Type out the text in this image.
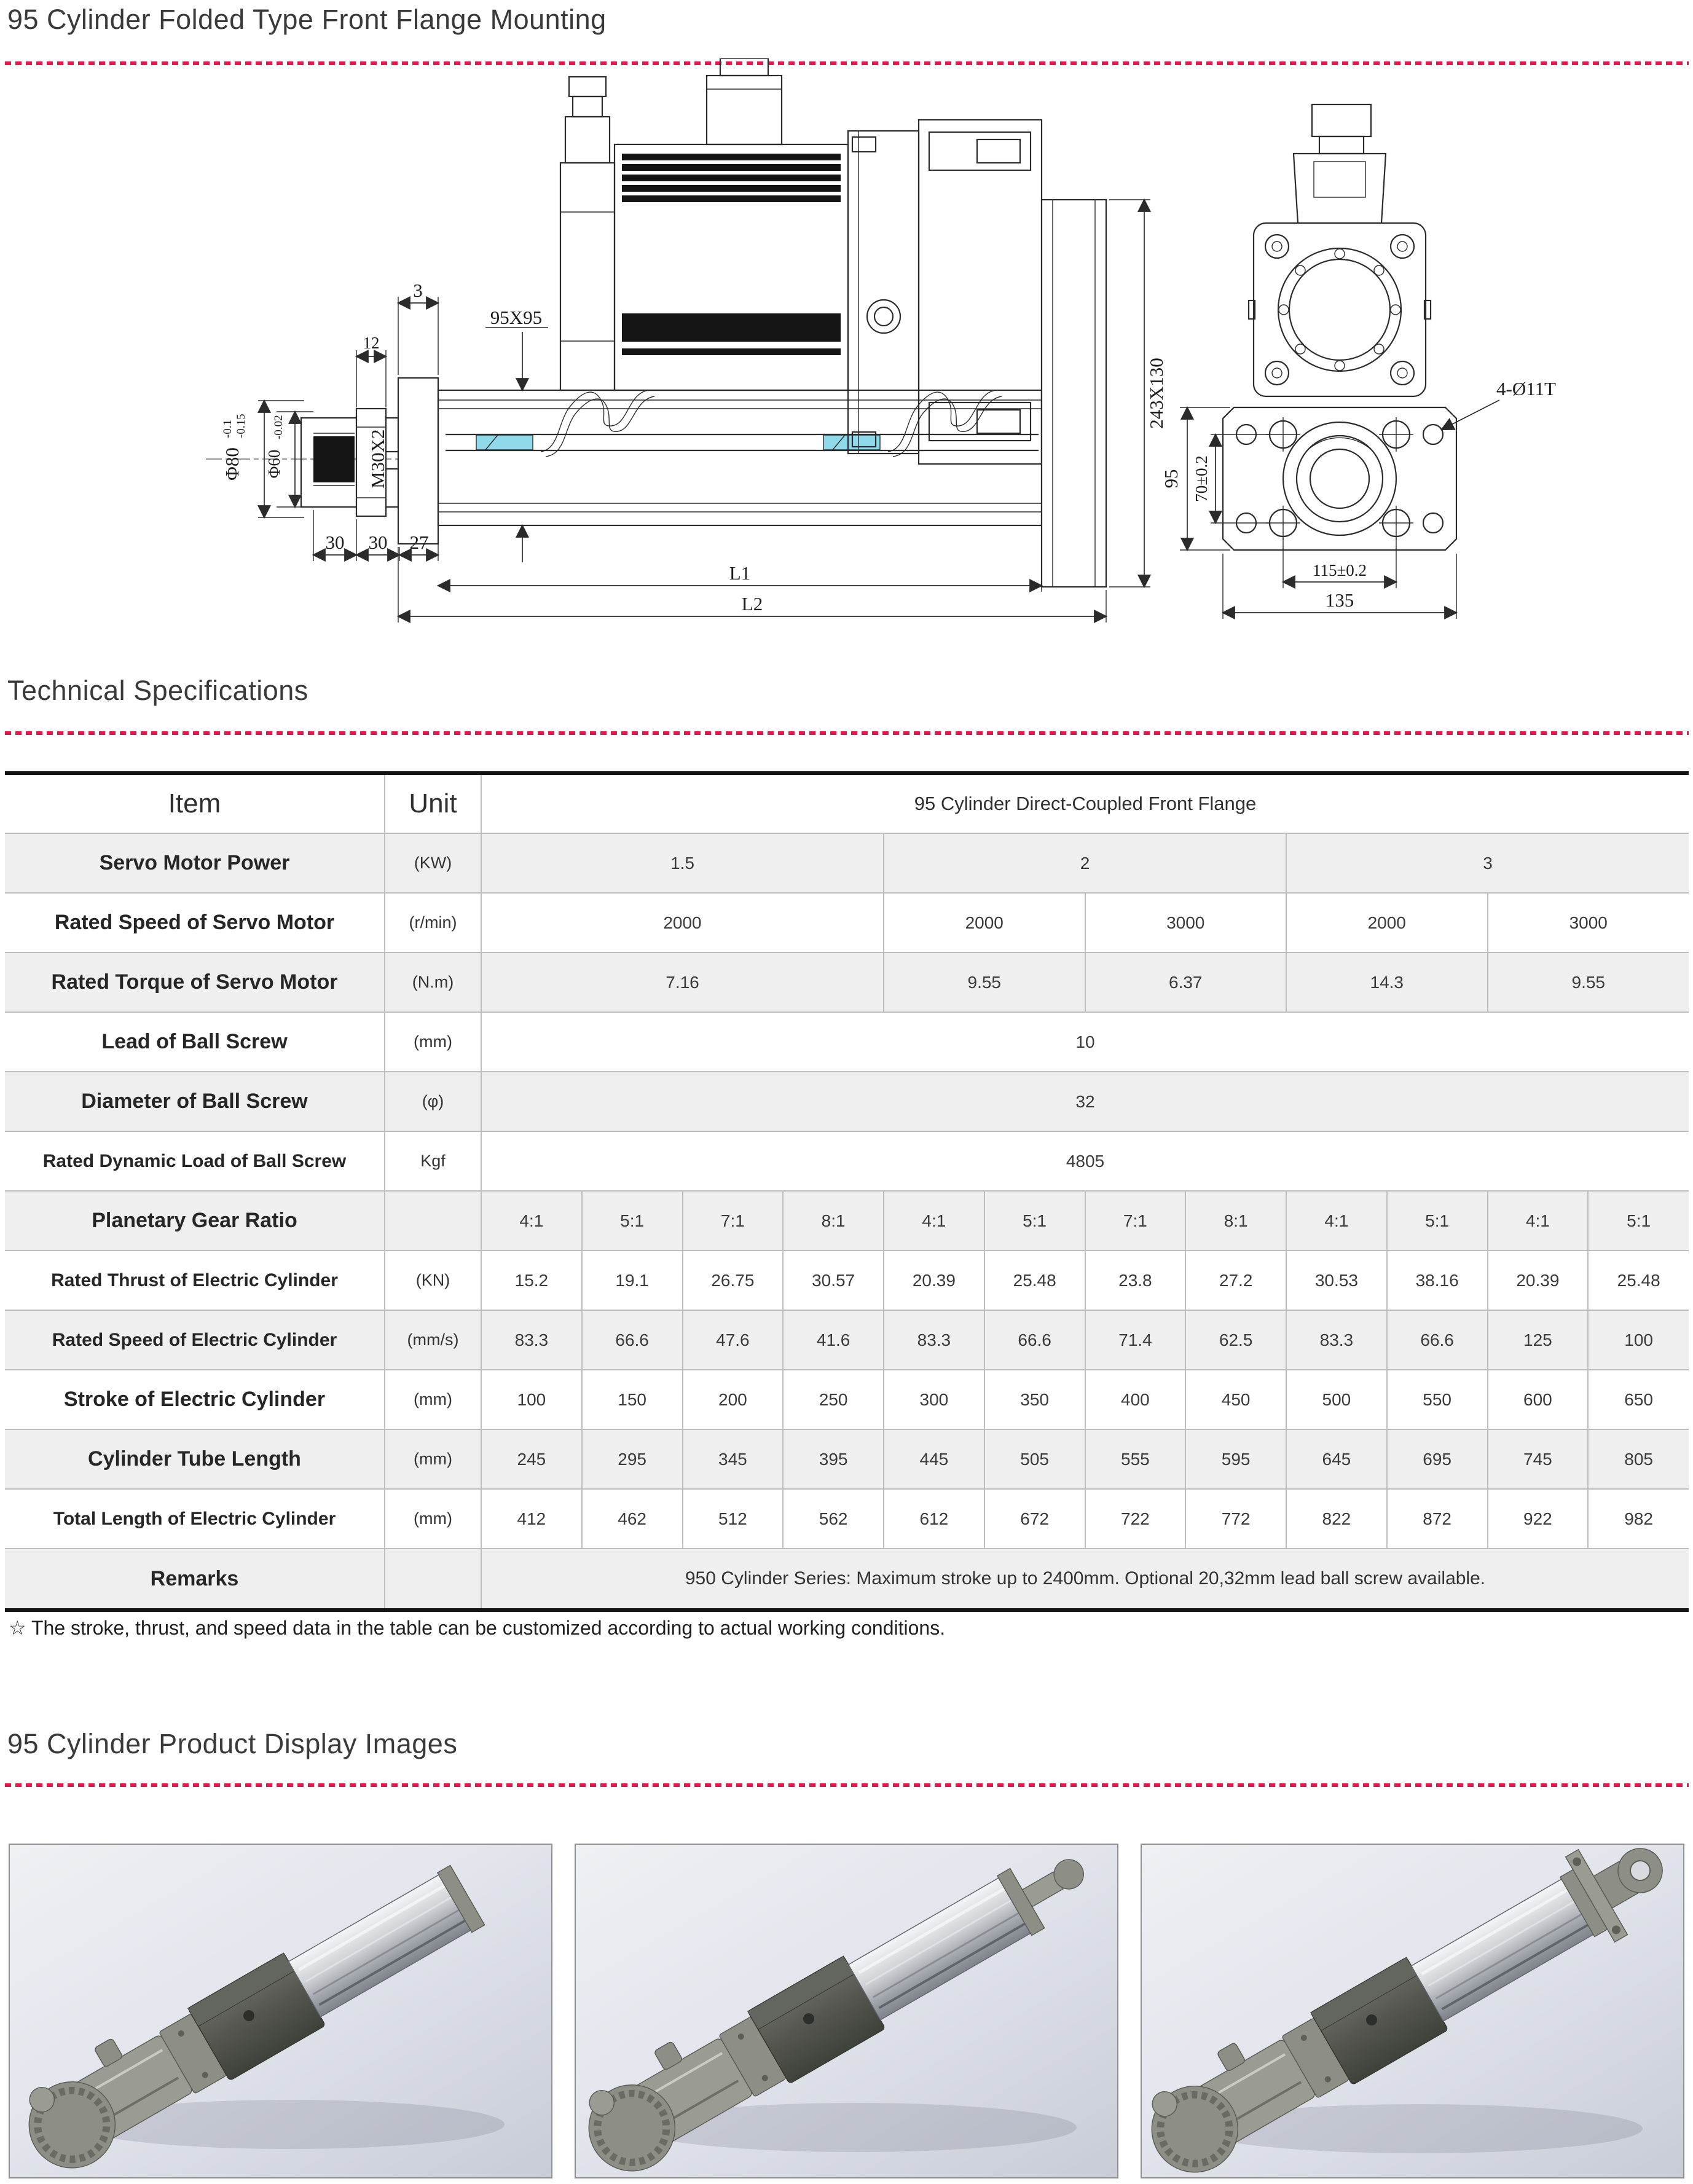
95 Cylinder Folded Type Front Flange Mounting
Φ80
-0.1 -0.15
Φ60
-0.02
M30X2
12
3
95X95
243X130
30 30 27
L1
L2
4-Ø11T
95 70±0.2
115±0.2
135
Technical Specifications
Item	Unit	95 Cylinder Direct-Coupled Front Flange											
Servo Motor Power	(KW)	1.5				2				3			
Rated Speed of Servo Motor	(r/min)	2000				2000		3000		2000		3000	
Rated Torque of Servo Motor	(N.m)	7.16				9.55		6.37		14.3		9.55	
Lead of Ball Screw	(mm)	10											
Diameter of Ball Screw	(φ)	32											
Rated Dynamic Load of Ball Screw	Kgf	4805											
Planetary Gear Ratio		4:1	5:1	7:1	8:1	4:1	5:1	7:1	8:1	4:1	5:1	4:1	5:1
Rated Thrust of Electric Cylinder	(KN)	15.2	19.1	26.75	30.57	20.39	25.48	23.8	27.2	30.53	38.16	20.39	25.48
Rated Speed of Electric Cylinder	(mm/s)	83.3	66.6	47.6	41.6	83.3	66.6	71.4	62.5	83.3	66.6	125	100
Stroke of Electric Cylinder	(mm)	100	150	200	250	300	350	400	450	500	550	600	650
Cylinder Tube Length	(mm)	245	295	345	395	445	505	555	595	645	695	745	805
Total Length of Electric Cylinder	(mm)	412	462	512	562	612	672	722	772	822	872	922	982
Remarks		950 Cylinder Series: Maximum stroke up to 2400mm. Optional 20,32mm lead ball screw available.											
☆ The stroke, thrust, and speed data in the table can be customized according to actual working conditions.
95 Cylinder Product Display Images
